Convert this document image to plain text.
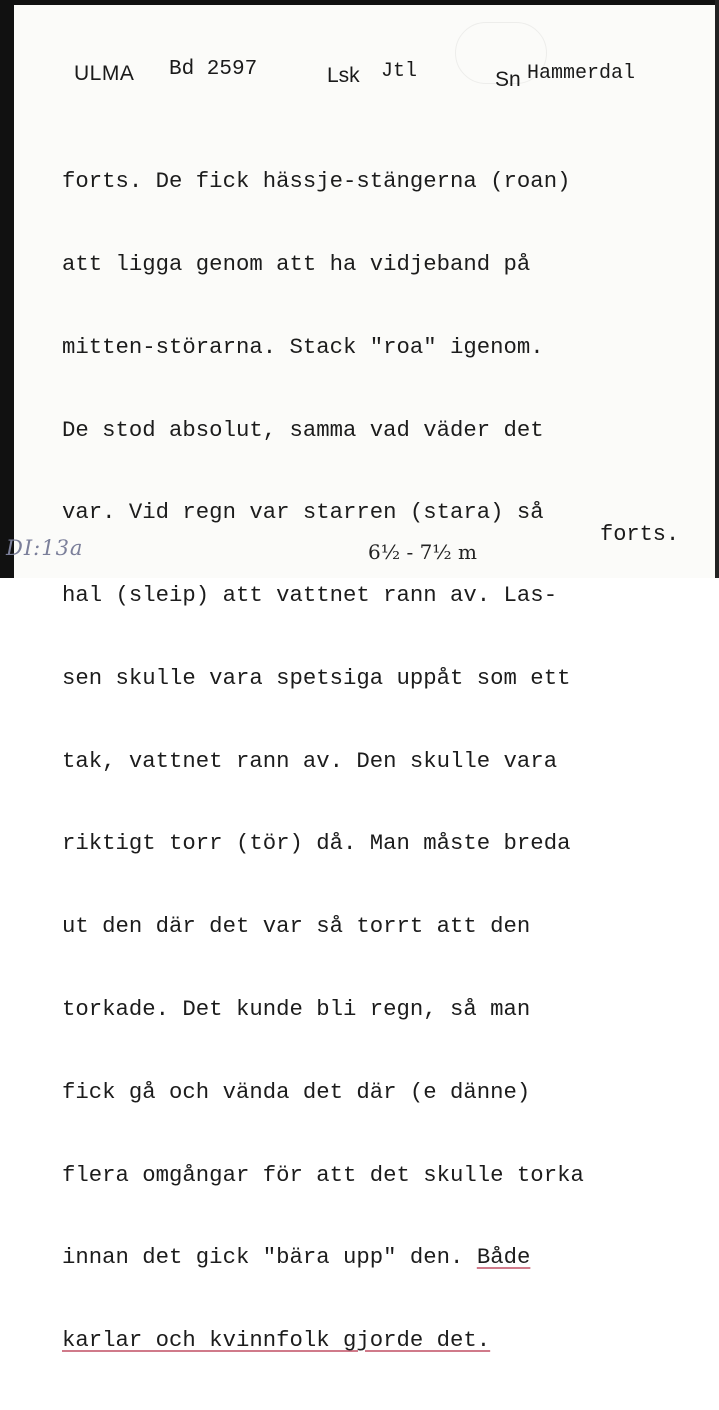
ULMA Bd 2597	Lsk Jtl	Sn Hammerdal

forts. De fick hässje-stängerna (roan)

att ligga genom att ha vidjeband på

mitten-störarna. Stack "roa" igenom.

De stod absolut, samma vad väder det

var. Vid regn var starren (stara) så

hal (sleip) att vattnet rann av. Las-

sen skulle vara spetsiga uppåt som ett

tak, vattnet rann av. Den skulle vara

riktigt torr (tör) då. Man måste breda

ut den där det var så torrt att den

torkade. Det kunde bli regn, så man

fick gå och vända det där (e dänne)

flera omgångar för att det skulle torka

innan det gick "bära upp" den. Både

karlar och kvinnfolk gjorde det.

forts.
DI:13a	6½ - 7½ m
